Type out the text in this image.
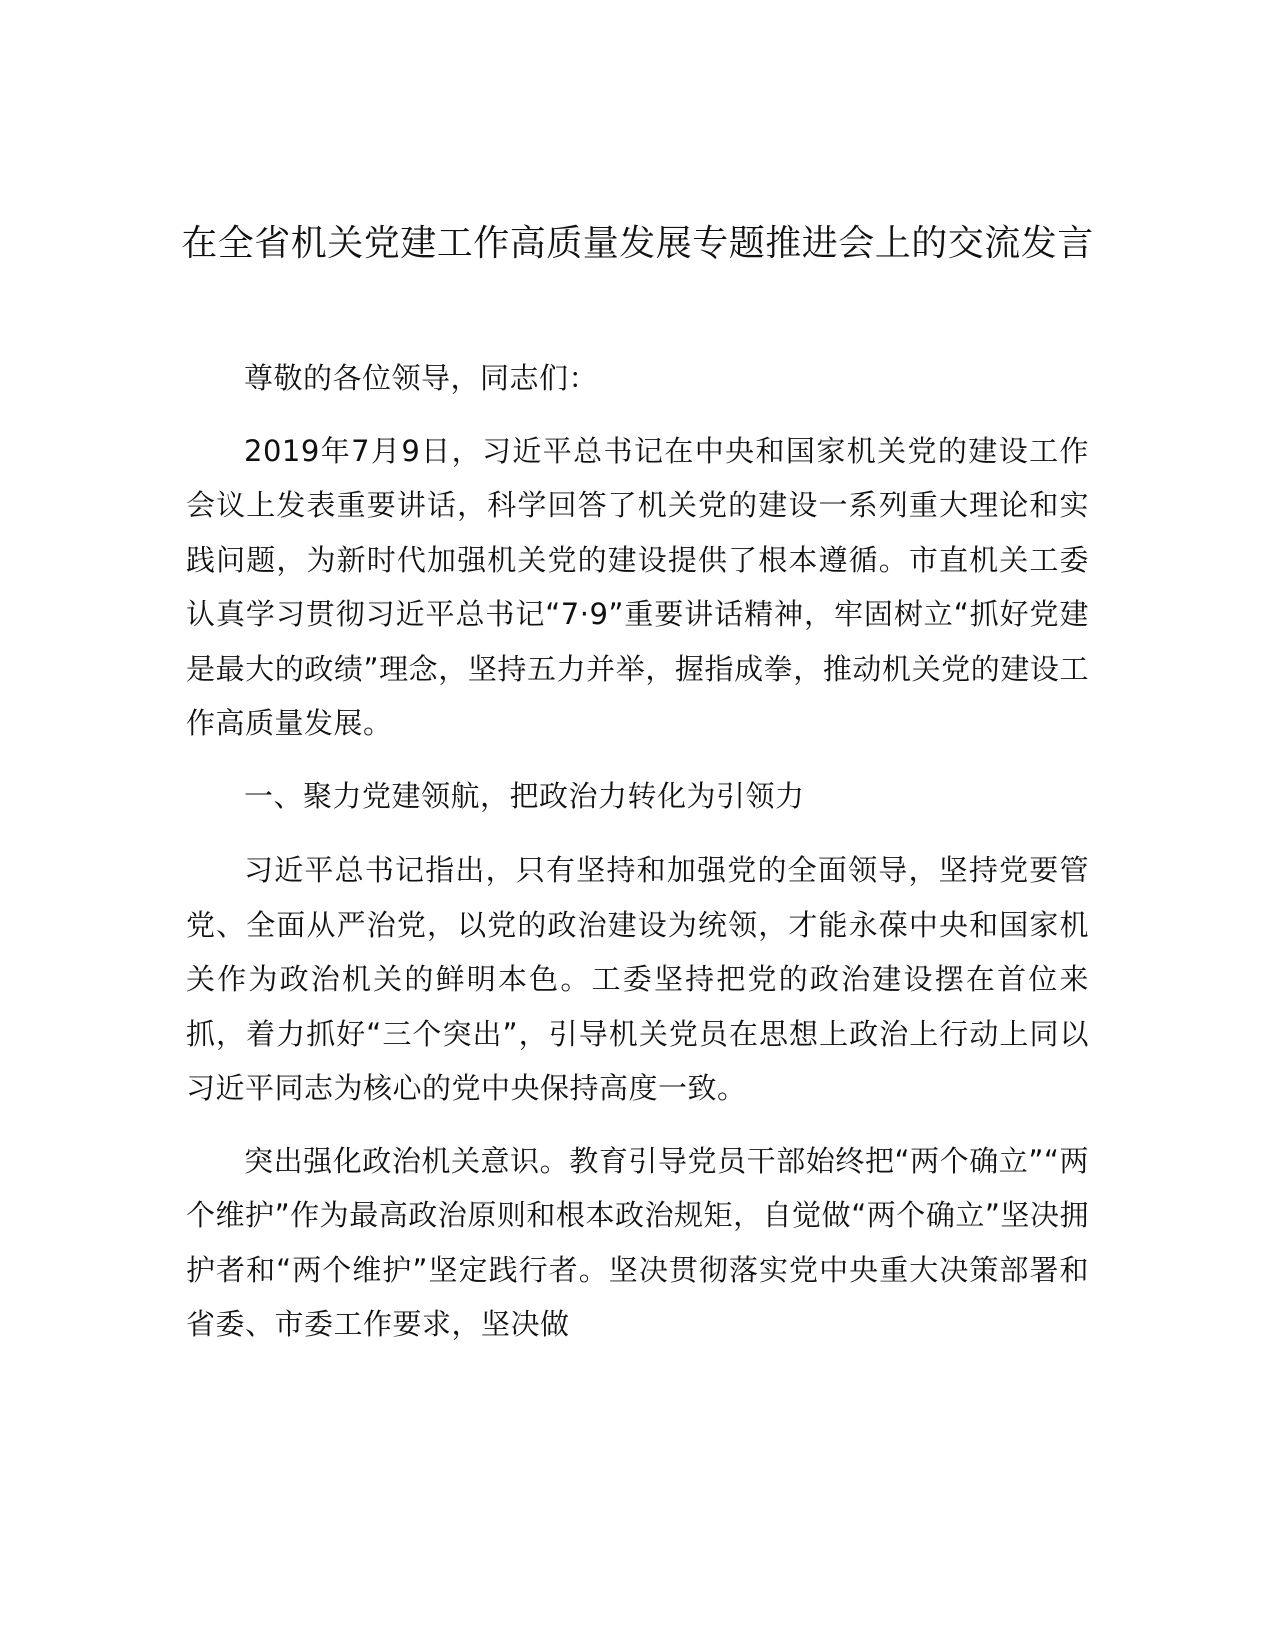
在全省机关党建工作高质量发展专题推进会上的交流发言

尊敬的各位领导，同志们：

2019年7月9日，习近平总书记在中央和国家机关党的建设工作会议上发表重要讲话，科学回答了机关党的建设一系列重大理论和实践问题，为新时代加强机关党的建设提供了根本遵循。市直机关工委认真学习贯彻习近平总书记“7·9”重要讲话精神，牢固树立“抓好党建是最大的政绩”理念，坚持五力并举，握指成拳，推动机关党的建设工作高质量发展。

一、聚力党建领航，把政治力转化为引领力

习近平总书记指出，只有坚持和加强党的全面领导，坚持党要管党、全面从严治党，以党的政治建设为统领，才能永葆中央和国家机关作为政治机关的鲜明本色。工委坚持把党的政治建设摆在首位来抓，着力抓好“三个突出”，引导机关党员在思想上政治上行动上同以习近平同志为核心的党中央保持高度一致。

突出强化政治机关意识。教育引导党员干部始终把“两个确立”“两个维护”作为最高政治原则和根本政治规矩，自觉做“两个确立”坚决拥护者和“两个维护”坚定践行者。坚决贯彻落实党中央重大决策部署和省委、市委工作要求，坚决做
